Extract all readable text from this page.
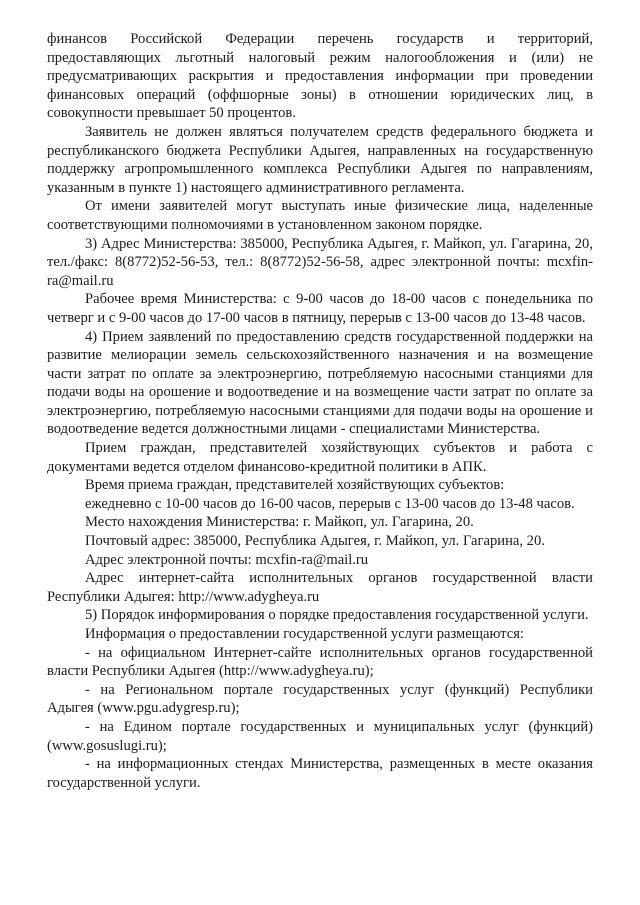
финансов Российской Федерации перечень государств и территорий, предоставляющих льготный налоговый режим налогообложения и (или) не предусматривающих раскрытия и предоставления информации при проведении финансовых операций (оффшорные зоны) в отношении юридических лиц, в совокупности превышает 50 процентов.

Заявитель не должен являться получателем средств федерального бюджета и республиканского бюджета Республики Адыгея, направленных на государственную поддержку агропромышленного комплекса Республики Адыгея по направлениям, указанным в пункте 1) настоящего административного регламента.

От имени заявителей могут выступать иные физические лица, наделенные соответствующими полномочиями в установленном законом порядке.

3) Адрес Министерства: 385000, Республика Адыгея, г. Майкоп, ул. Гагарина, 20, тел./факс: 8(8772)52-56-53, тел.: 8(8772)52-56-58, адрес электронной почты: mcxfin-ra@mail.ru

Рабочее время Министерства: с 9-00 часов до 18-00 часов с понедельника по четверг и с 9-00 часов до 17-00 часов в пятницу, перерыв с 13-00 часов до 13-48 часов.

4) Прием заявлений по предоставлению средств государственной поддержки на развитие мелиорации земель сельскохозяйственного назначения и на возмещение части затрат по оплате за электроэнергию, потребляемую насосными станциями для подачи воды на орошение и водоотведение и на возмещение части затрат по оплате за электроэнергию, потребляемую насосными станциями для подачи воды на орошение и водоотведение ведется должностными лицами - специалистами Министерства.

Прием граждан, представителей хозяйствующих субъектов и работа с документами ведется отделом финансово-кредитной политики в АПК.

Время приема граждан, представителей хозяйствующих субъектов:

ежедневно с 10-00 часов до 16-00 часов, перерыв с 13-00 часов до 13-48 часов.

Место нахождения Министерства: г. Майкоп, ул. Гагарина, 20.

Почтовый адрес: 385000, Республика Адыгея, г. Майкоп, ул. Гагарина, 20.

Адрес электронной почты: mcxfin-ra@mail.ru

Адрес интернет-сайта исполнительных органов государственной власти Республики Адыгея: http://www.adygheya.ru

5) Порядок информирования о порядке предоставления государственной услуги.

Информация о предоставлении государственной услуги размещаются:

- на официальном Интернет-сайте исполнительных органов государственной власти Республики Адыгея (http://www.adygheya.ru);

- на Региональном портале государственных услуг (функций) Республики Адыгея (www.pgu.adygresp.ru);

- на Едином портале государственных и муниципальных услуг (функций) (www.gosuslugi.ru);

- на информационных стендах Министерства, размещенных в месте оказания государственной услуги.
